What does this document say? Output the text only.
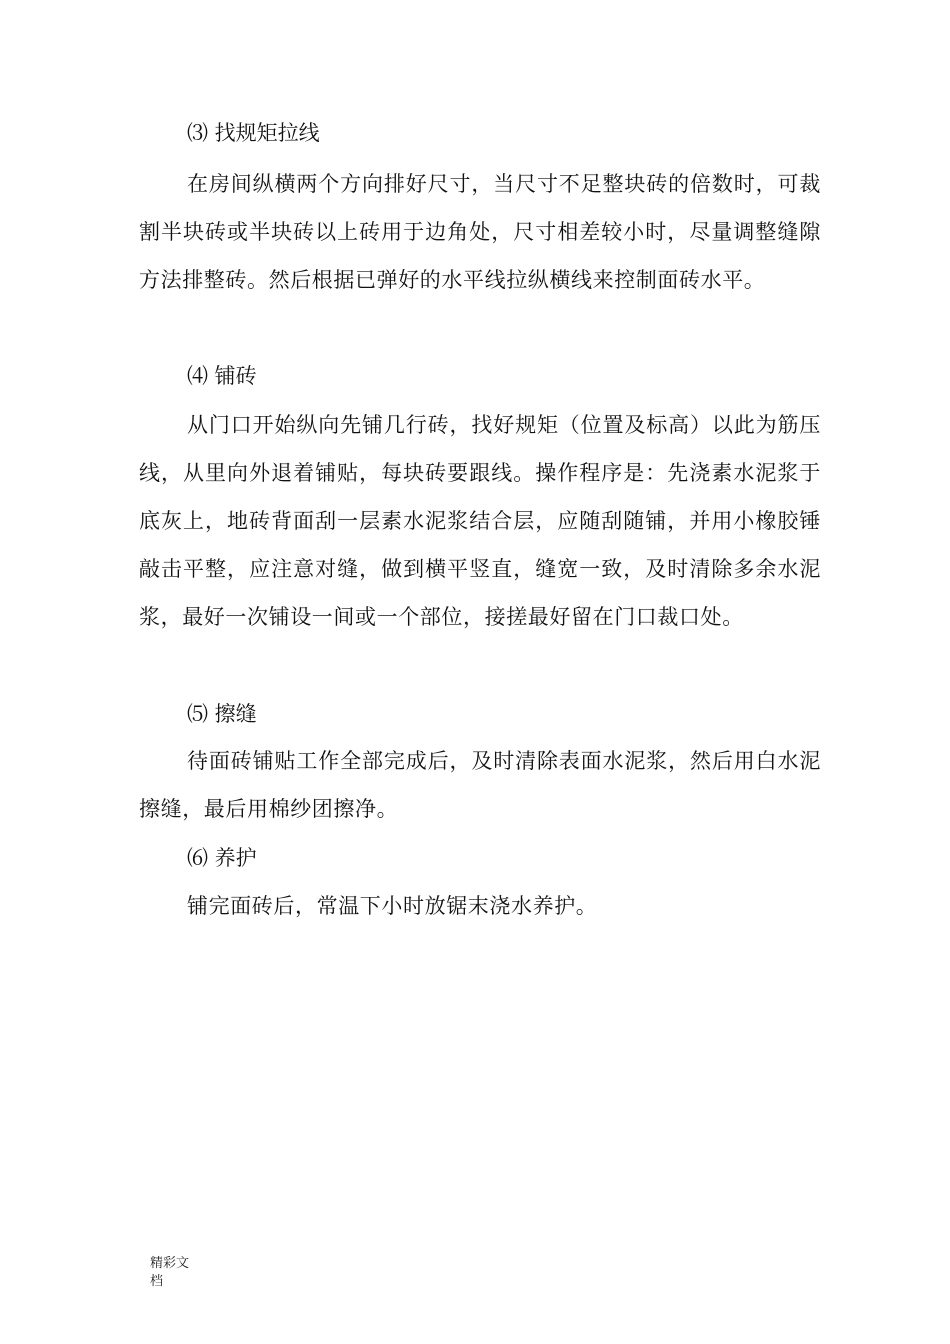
⑶ 找规矩拉线
在房间纵横两个方向排好尺寸，当尺寸不足整块砖的倍数时，可裁割半块砖或半块砖以上砖用于边角处，尺寸相差较小时，尽量调整缝隙方法排整砖。然后根据已弹好的水平线拉纵横线来控制面砖水平。
⑷ 铺砖
从门口开始纵向先铺几行砖，找好规矩（位置及标高）以此为筋压线，从里向外退着铺贴，每块砖要跟线。操作程序是：先浇素水泥浆于底灰上，地砖背面刮一层素水泥浆结合层，应随刮随铺，并用小橡胶锤敲击平整，应注意对缝，做到横平竖直，缝宽一致，及时清除多余水泥浆，最好一次铺设一间或一个部位，接搓最好留在门口裁口处。
⑸ 擦缝
待面砖铺贴工作全部完成后，及时清除表面水泥浆，然后用白水泥擦缝，最后用棉纱团擦净。
⑹ 养护
铺完面砖后，常温下小时放锯末浇水养护。
精彩文档
